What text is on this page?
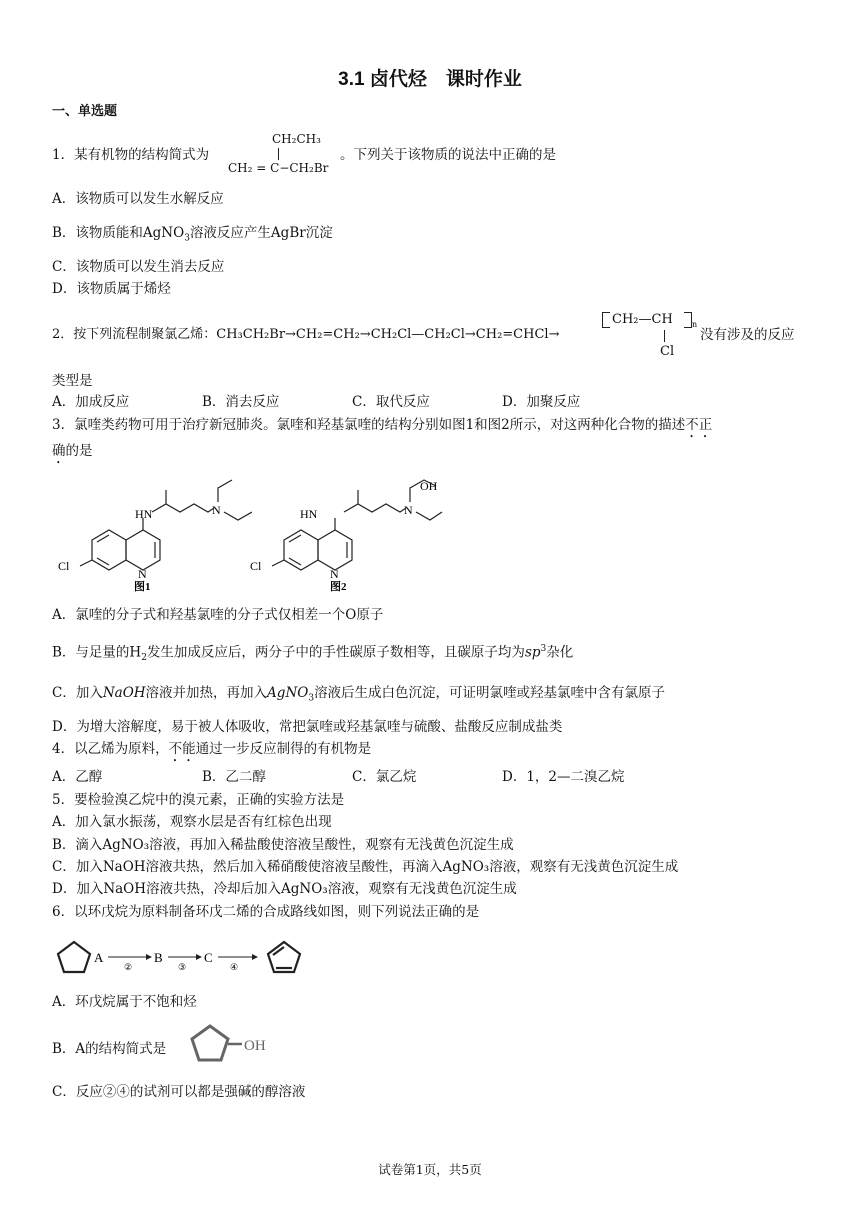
3.1 卤代烃　课时作业
一、单选题
1．某有机物的结构简式为
CH₂CH₃
CH₂ = C−CH₂Br
。下列关于该物质的说法中正确的是
A．该物质可以发生水解反应
B．该物质能和AgNO$_3$溶液反应产生AgBr沉淀
C．该物质可以发生消去反应
D．该物质属于烯烃
2．按下列流程制聚氯乙烯：CH₃CH₂Br→CH₂=CH₂→CH₂Cl—CH₂Cl→CH₂=CHCl→
CH₂—CH n
Cl
没有涉及的反应
类型是
A．加成反应	B．消去反应	C．取代反应	D．加聚反应
3．氯喹类药物可用于治疗新冠肺炎。氯喹和羟基氯喹的结构分别如图1和图2所示，对这两种化合物的描述不正
确的是
HN	N
N
Cl
图1
HN	N
N
Cl
OH
图2
A．氯喹的分子式和羟基氯喹的分子式仅相差一个O原子
B．与足量的$H_2$发生加成反应后，两分子中的手性碳原子数相等，且碳原子均为$sp^3$杂化
C．加入NaOH溶液并加热，再加入AgNO$_3$溶液后生成白色沉淀，可证明氯喹或羟基氯喹中含有氯原子
D．为增大溶解度，易于被人体吸收，常把氯喹或羟基氯喹与硫酸、盐酸反应制成盐类
4．以乙烯为原料，不能通过一步反应制得的有机物是
A．乙醇	B．乙二醇	C．氯乙烷	D．1，2—二溴乙烷
5．要检验溴乙烷中的溴元素，正确的实验方法是
A．加入氯水振荡，观察水层是否有红棕色出现
B．滴入AgNO₃溶液，再加入稀盐酸使溶液呈酸性，观察有无浅黄色沉淀生成
C．加入NaOH溶液共热，然后加入稀硝酸使溶液呈酸性，再滴入AgNO₃溶液，观察有无浅黄色沉淀生成
D．加入NaOH溶液共热，冷却后加入AgNO₃溶液，观察有无浅黄色沉淀生成
6．以环戊烷为原料制备环戊二烯的合成路线如图，则下列说法正确的是
A
②
B
③
C
④
A．环戊烷属于不饱和烃
B．A的结构简式是	OH
C．反应②④的试剂可以都是强碱的醇溶液
试卷第1页，共5页
